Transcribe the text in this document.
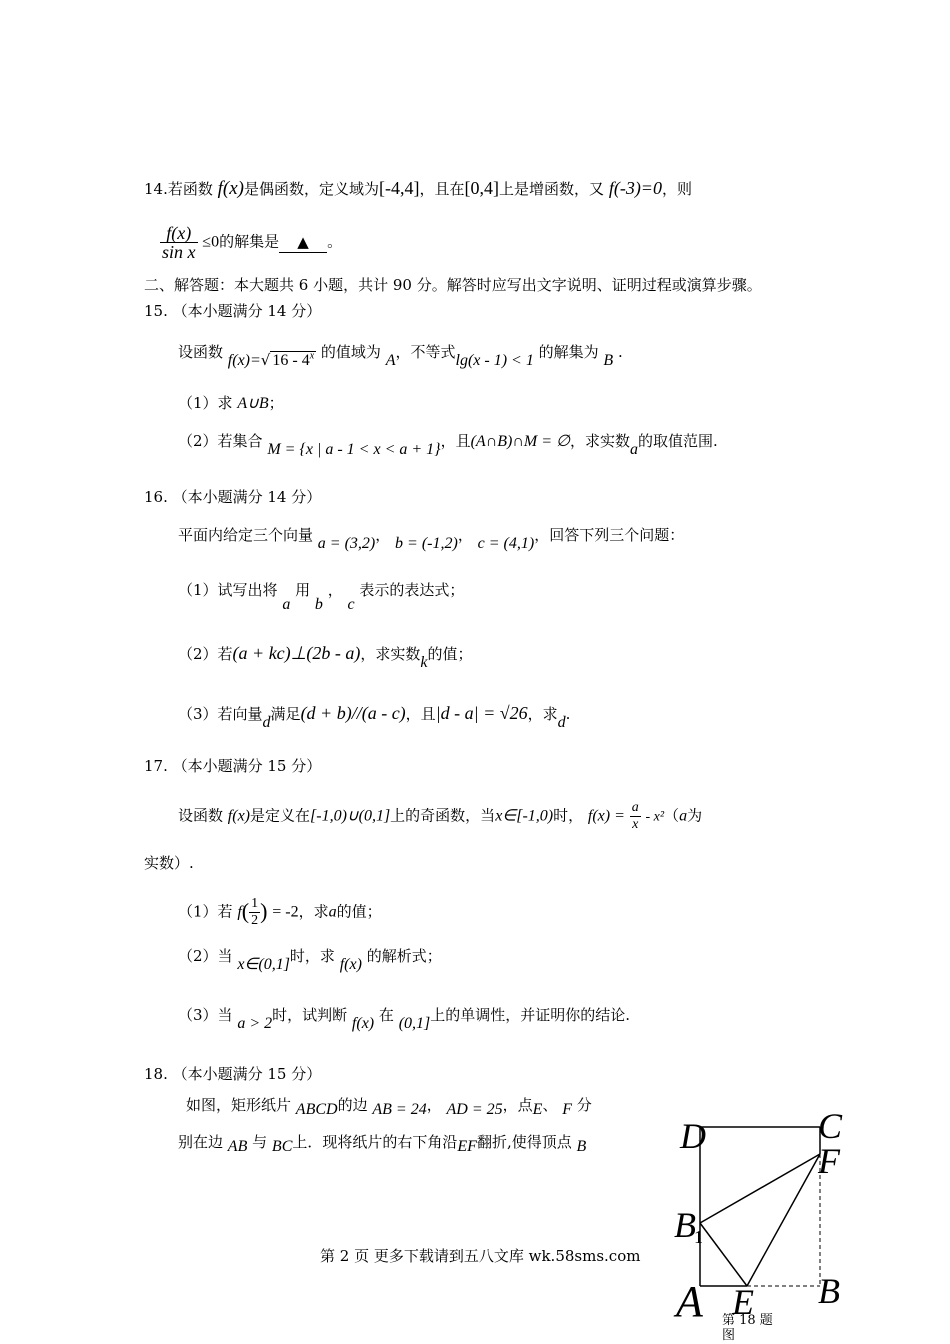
14.若函数 f(x)是偶函数，定义域为[-4,4]，且在[0,4]上是增函数，又 f(-3)=0，则
$\frac{f(x)}{\text{sin x}} \le 0$的解集是 ▲ 。
二、解答题：本大题共 6 小题，共计 90 分。解答时应写出文字说明、证明过程或演算步骤。
15. （本小题满分 14 分）
设函数 f(x)=√ 16 - 4$^x$ 的值域为 A，不等式lg(x - 1) < 1 的解集为 B .
（1）求 A∪B；
（2）若集合 M = {x | a - 1 < x < a + 1}，且(A∩B)∩M = ∅，求实数a的取值范围.
16. （本小题满分 14 分）
平面内给定三个向量 a = (3,2)， b = (-1,2)， c = (4,1)，回答下列三个问题：
（1）试写出将 a 用 b ， c 表示的表达式；
（2）若(a + kc)⊥(2b - a)，求实数k的值；
（3）若向量d满足(d + b)//(a - c)，且|d - a| = √26，求d.
17. （本小题满分 15 分）
设函数 f(x)是定义在[-1,0)∪(0,1]上的奇函数，当x∈[-1,0)时， $f(x) = \frac{a}{x} - x^2(a$为
实数）.
（1）若 $f( \frac{1}{2}$ ) = -2，求a的值；
（2）当 x∈(0,1]时，求 f(x) 的解析式；
（3）当 a > 2时，试判断 f(x) 在 (0,1]上的单调性，并证明你的结论.
18. （本小题满分 15 分）
如图，矩形纸片 ABCD的边 AB = 24， AD = 25，点E、 F 分
别在边 AB 与 BC上．现将纸片的右下角沿EF翻折,使得顶点 B
第 2 页 更多下载请到五八文库 wk.58sms.com
D	C
F
B
1
A E B
第 18 题
图
